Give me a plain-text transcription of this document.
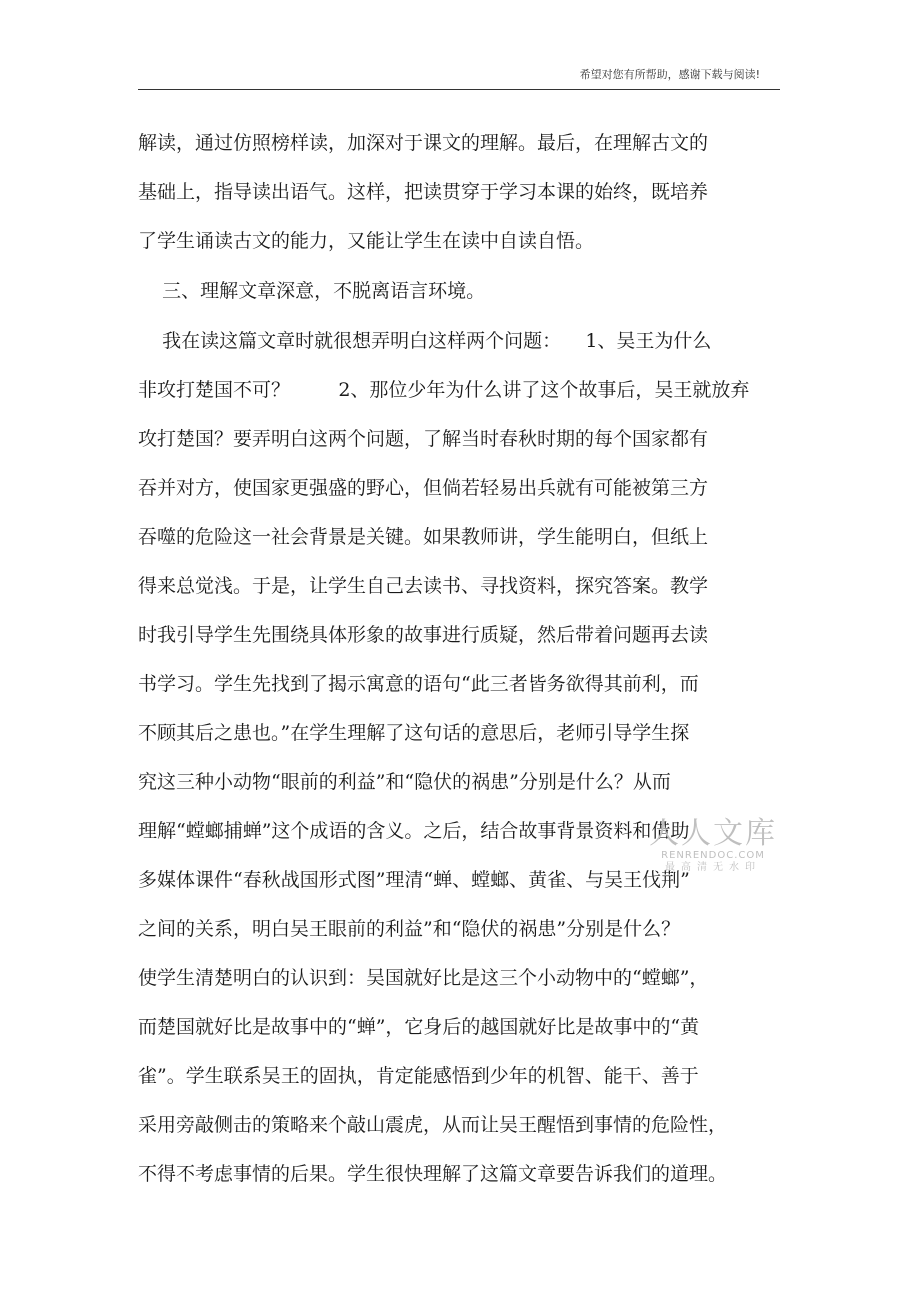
希望对您有所帮助，感谢下载与阅读!
解读，通过仿照榜样读，加深对于课文的理解。最后，在理解古文的
基础上，指导读出语气。这样，把读贯穿于学习本课的始终，既培养
了学生诵读古文的能力，又能让学生在读中自读自悟。
三、理解文章深意，不脱离语言环境。
我在读这篇文章时就很想弄明白这样两个问题：    1、吴王为什么
非攻打楚国不可？        2、那位少年为什么讲了这个故事后，吴王就放弃
攻打楚国？要弄明白这两个问题，了解当时春秋时期的每个国家都有
吞并对方，使国家更强盛的野心，但倘若轻易出兵就有可能被第三方
吞噬的危险这一社会背景是关键。如果教师讲，学生能明白，但纸上
得来总觉浅。于是，让学生自己去读书、寻找资料，探究答案。教学
时我引导学生先围绕具体形象的故事进行质疑，然后带着问题再去读
书学习。学生先找到了揭示寓意的语句“此三者皆务欲得其前利，而
不顾其后之患也。”在学生理解了这句话的意思后，老师引导学生探
究这三种小动物“眼前的利益”和“隐伏的祸患”分别是什么？从而
理解“螳螂捕蝉”这个成语的含义。之后，结合故事背景资料和借助
多媒体课件“春秋战国形式图”理清“蝉、螳螂、黄雀、与吴王伐荆”
之间的关系，明白吴王眼前的利益”和“隐伏的祸患”分别是什么？
使学生清楚明白的认识到：吴国就好比是这三个小动物中的“螳螂”，
而楚国就好比是故事中的“蝉”，它身后的越国就好比是故事中的“黄
雀”。学生联系吴王的固执，肯定能感悟到少年的机智、能干、善于
采用旁敲侧击的策略来个敲山震虎，从而让吴王醒悟到事情的危险性，
不得不考虑事情的后果。学生很快理解了这篇文章要告诉我们的道理。
人人文库
RENRENDOC.COM
最高清无水印
